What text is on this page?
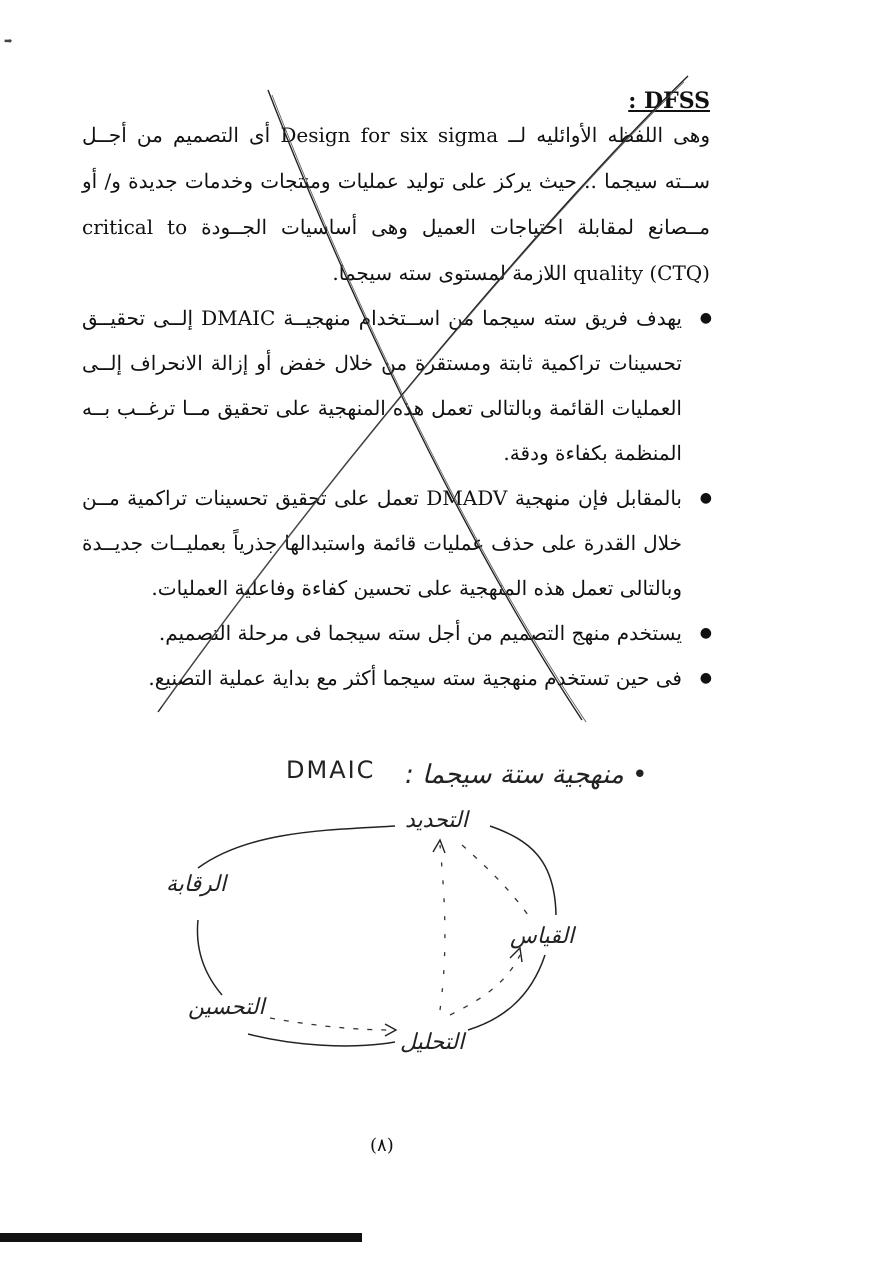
: DFSS
وهى اللفظه الأوائليه لــ Design for six sigma أى التصميم من أجــل ســته سيجما .. حيث يركز على توليد عمليات ومنتجات وخدمات جديدة و/ أو مــصانع لمقابلة احتياجات العميل وهى أساسيات الجــودة critical to quality (CTQ) اللازمة لمستوى سته سيجما.
يهدف فريق سته سيجما من اســتخدام منهجيــة DMAIC إلــى تحقيــق تحسينات تراكمية ثابتة ومستقرة من خلال خفض أو إزالة الانحراف إلــى العمليات القائمة وبالتالى تعمل هذه المنهجية على تحقيق مــا ترغــب بــه المنظمة بكفاءة ودقة. ●
بالمقابل فإن منهجية DMADV تعمل على تحقيق تحسينات تراكمية مــن خلال القدرة على حذف عمليات قائمة واستبدالها جذرياً بعمليــات جديــدة وبالتالى تعمل هذه المنهجية على تحسين كفاءة وفاعلية العمليات. ●
يستخدم منهج التصميم من أجل سته سيجما فى مرحلة التصميم. ●
فى حين تستخدم منهجية سته سيجما أكثر مع بداية عملية التصنيع. ●
• منهجية ستة سيجما :
DMAIC
التحديد
القياس
التحليل
التحسين
الرقابة
(٨)
➡
